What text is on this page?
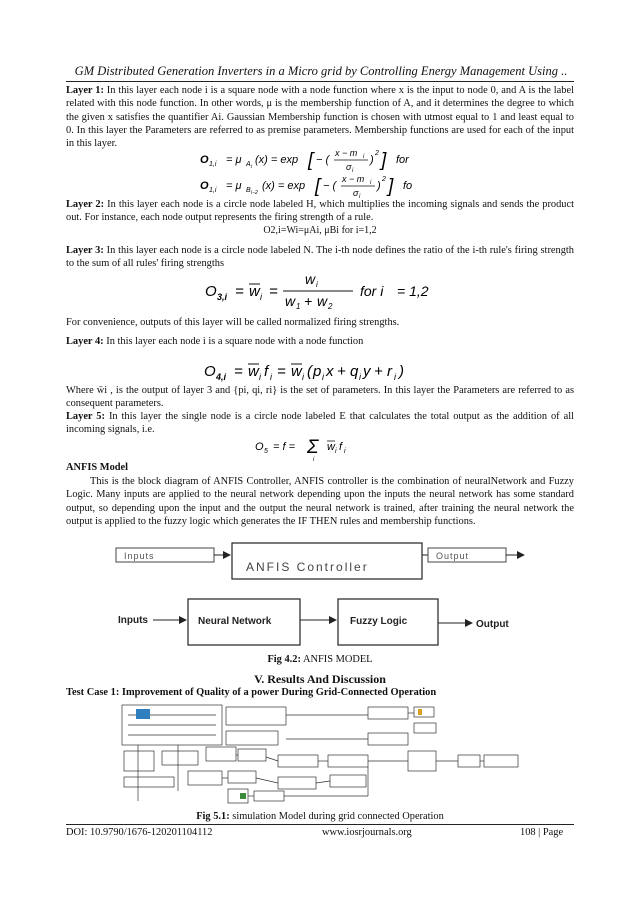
GM Distributed Generation Inverters in a Micro grid by Controlling Energy Management Using ..

Layer 1: In this layer each node i is a square node with a node function where x is the input to node 0, and A is the label related with this node function. In other words, μ is the membership function of A, and it determines the degree to which the given x satisfies the quantifier Ai. Gaussian Membership function is chosen with utmost equal to 1 and least equal to 0. In this layer the Parameters are referred to as premise parameters. Membership functions are used for each of the input in this layer.

O 1,i = μ A i
(x) = exp [ − (
x − m i
σ i
)
2 ] for
O 1,i = μ B i−2
(x) = exp [ − (
x − m i
σ i
)
2 ] fo

Layer 2: In this layer each node is a circle node labeled H, which multiplies the incoming signals and sends the product out. For instance, each node output represents the firing strength of a rule.

O2,i=Wi=μAi, μBi for i=1,2

Layer 3: In this layer each node is a circle node labeled N. The i-th node defines the ratio of the i-th rule's firing strength to the sum of all rules' firing strengths

O 3,i = w i =
w i
w 1 + w 2
for i = 1,2

For convenience, outputs of this layer will be called normalized firing strengths.

Layer 4: In this layer each node i is a square node with a node function

O 4,i = w i f i = w i ( p i x + q i y + r i )

Where w̄i , is the output of layer 3 and {pi, qi, ri} is the set of parameters. In this layer the Parameters are referred to as consequent parameters.

Layer 5: In this layer the single node is a circle node labeled E that calculates the total output as the addition of all incoming signals, i.e.

O 5 = f = Σ
i
w i f i
ANFIS Model

This is the block diagram of ANFIS Controller, ANFIS controller is the combination of neuralNetwork and Fuzzy Logic. Many inputs are applied to the neural network depending upon the inputs the neural network has some standard output, so depending upon the input and the output the neural network is trained, after training the neural network the output is applied to the fuzzy logic which generates the IF THEN rules and membership functions.

Inputs
ANFIS Controller
Output
Inputs	Neural Network	Fuzzy Logic	Output
Fig 4.2: ANFIS MODEL
V. Results And Discussion
Test Case 1: Improvement of Quality of a power During Grid-Connected Operation
Fig 5.1: simulation Model during grid connected Operation
DOI: 10.9790/1676-120201104112	www.iosrjournals.org	108 | Page
